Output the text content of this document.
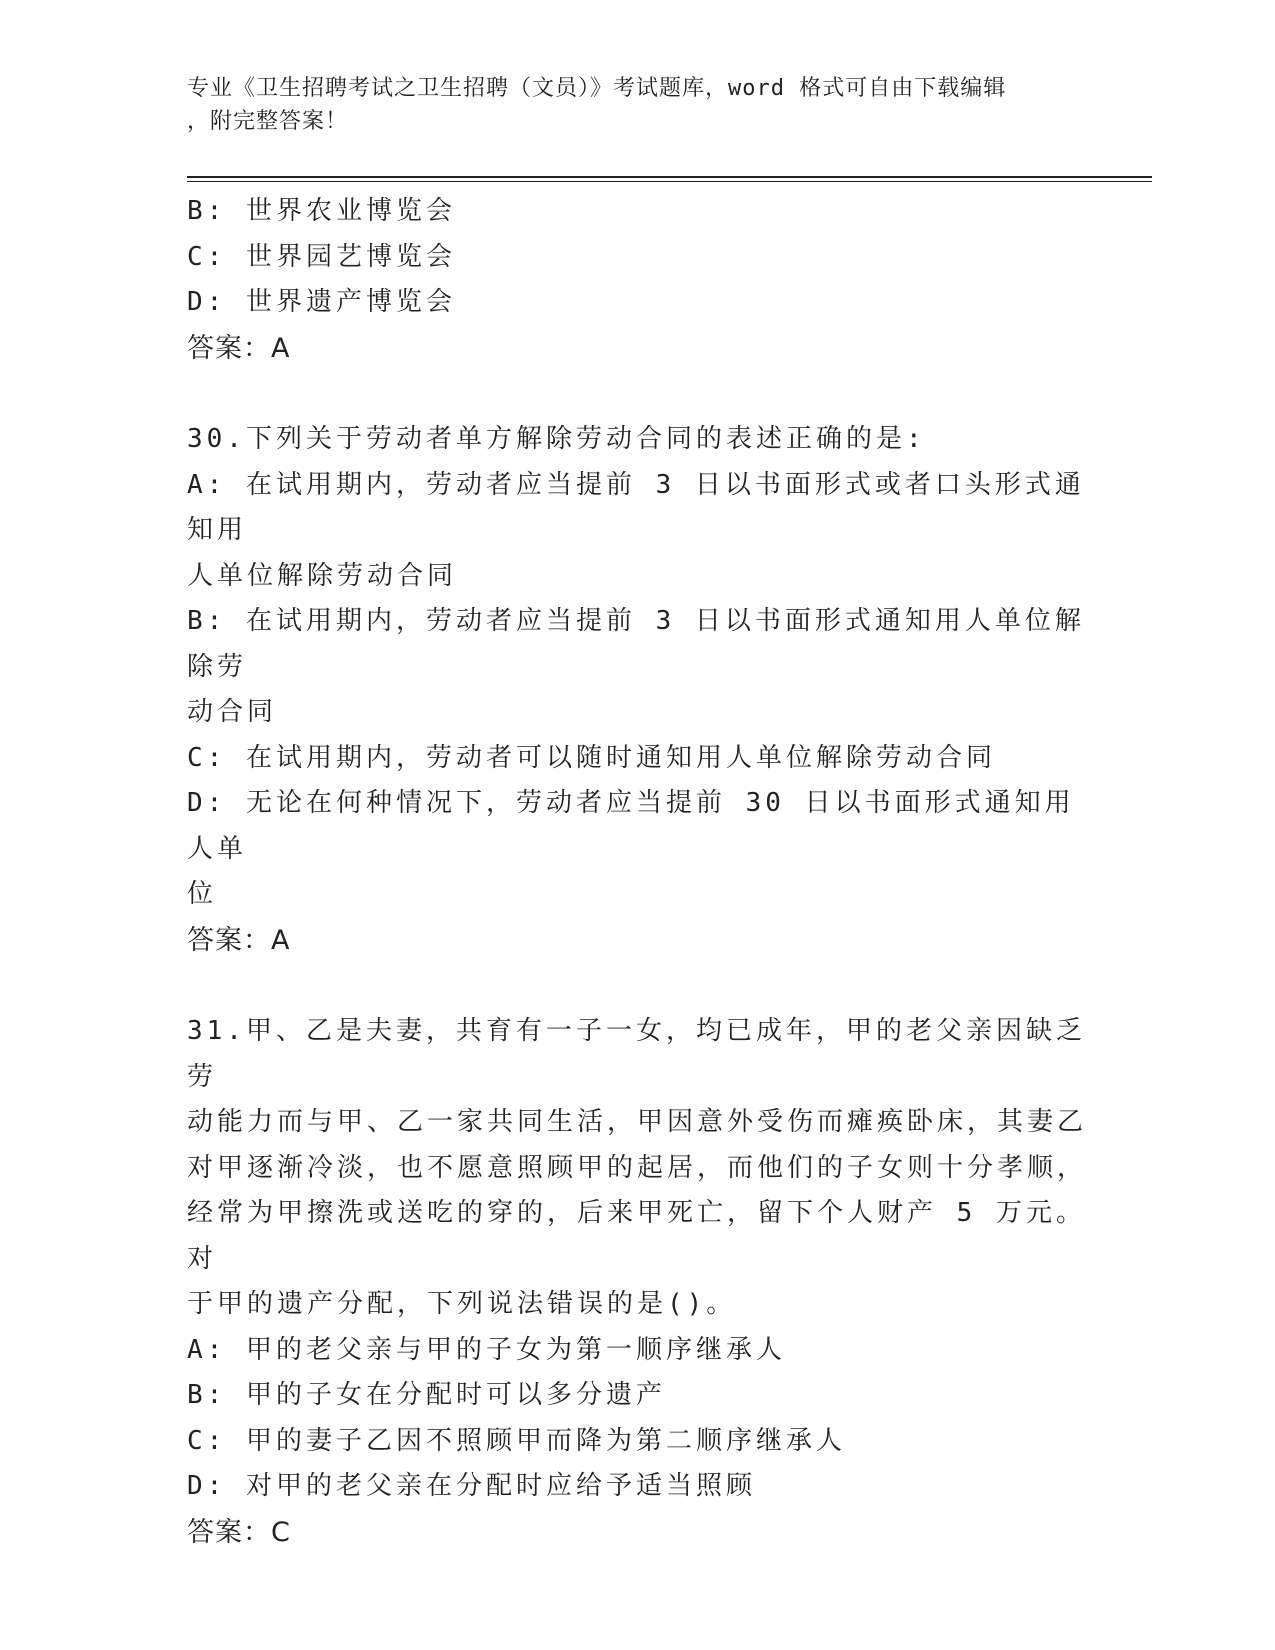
专业《卫生招聘考试之卫生招聘（文员）》考试题库，word 格式可自由下载编辑
，附完整答案！
B: 世界农业博览会
C: 世界园艺博览会
D: 世界遗产博览会
答案：A
30.下列关于劳动者单方解除劳动合同的表述正确的是:
A: 在试用期内，劳动者应当提前 3 日以书面形式或者口头形式通知用
人单位解除劳动合同
B: 在试用期内，劳动者应当提前 3 日以书面形式通知用人单位解除劳
动合同
C: 在试用期内，劳动者可以随时通知用人单位解除劳动合同
D: 无论在何种情况下，劳动者应当提前 30 日以书面形式通知用人单
位
答案：A
31.甲、乙是夫妻，共育有一子一女，均已成年，甲的老父亲因缺乏劳
动能力而与甲、乙一家共同生活，甲因意外受伤而瘫痪卧床，其妻乙
对甲逐渐冷淡，也不愿意照顾甲的起居，而他们的子女则十分孝顺，
经常为甲擦洗或送吃的穿的，后来甲死亡，留下个人财产 5 万元。对
于甲的遗产分配，下列说法错误的是()。
A: 甲的老父亲与甲的子女为第一顺序继承人
B: 甲的子女在分配时可以多分遗产
C: 甲的妻子乙因不照顾甲而降为第二顺序继承人
D: 对甲的老父亲在分配时应给予适当照顾
答案：C
